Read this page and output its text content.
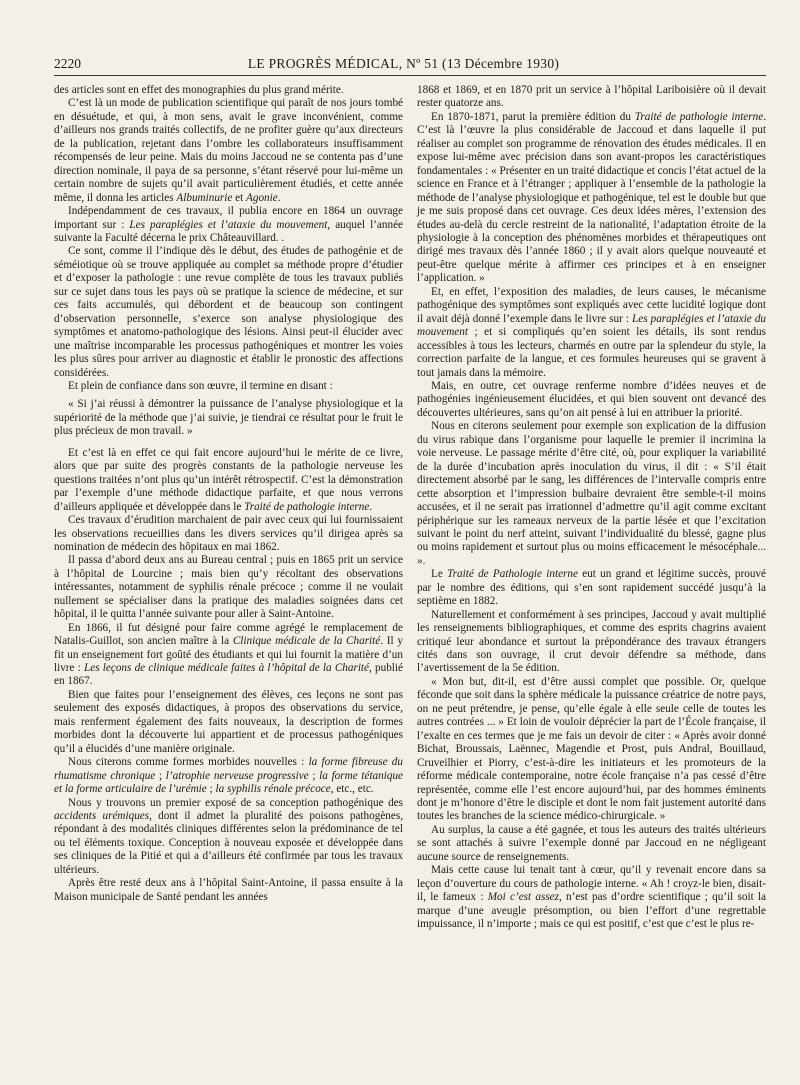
2220	LE PROGRÈS MÉDICAL, Nº 51 (13 Décembre 1930)

des articles sont en effet des monographies du plus grand mérite.

C’est là un mode de publication scientifique qui paraît de nos jours tombé en désuétude, et qui, à mon sens, avait le grave inconvénient, comme d’ailleurs nos grands traités collectifs, de ne profiter guère qu’aux directeurs de la publication, rejetant dans l’ombre les collaborateurs insuffisamment récompensés de leur peine. Mais du moins Jaccoud ne se contenta pas d’une direction nominale, il paya de sa personne, s’étant réservé pour lui-même un certain nombre de sujets qu’il avait particulièrement étudiés, et cette année même, il donna les articles Albuminurie et Agonie.

Indépendamment de ces travaux, il publia encore en 1864 un ouvrage important sur : Les paraplégies et l’ataxie du mouvement, auquel l’année suivante la Faculté décerna le prix Châteauvillard. .

Ce sont, comme il l’indique dès le début, des études de pathogénie et de séméiotique où se trouve appliquée au complet sa méthode propre d’étudier et d’exposer la pathologie : une revue complète de tous les travaux publiés sur ce sujet dans tous les pays où se pratique la science de médecine, et sur ces faits accumulés, qui débordent et de beaucoup son contingent d’observation personnelle, s’exerce son analyse physiologique des symptômes et anatomo-pathologique des lésions. Ainsi peut-il élucider avec une maîtrise incomparable les processus pathogéniques et montrer les voies les plus sûres pour arriver au diagnostic et établir le pronostic des affections considérées.

Et plein de confiance dans son œuvre, il termine en disant :

« Si j’ai réussi à démontrer la puissance de l’analyse physiologique et la supériorité de la méthode que j’ai suivie, je tiendrai ce résultat pour le fruit le plus précieux de mon travail. »

Et c’est là en effet ce qui fait encore aujourd’hui le mérite de ce livre, alors que par suite des progrès constants de la pathologie nerveuse les questions traitées n’ont plus qu’un intérêt rétrospectif. C’est la démonstration par l’exemple d’une méthode didactique parfaite, et que nous verrons d’ailleurs appliquée et développée dans le Traité de pathologie interne.

Ces travaux d’érudition marchaient de pair avec ceux qui lui fournissaient les observations recueillies dans les divers services qu’il dirigea après sa nomination de médecin des hôpitaux en mai 1862.

Il passa d’abord deux ans au Bureau central ; puis en 1865 prit un service à l’hôpital de Lourcine ; mais bien qu’y récoltant des observations intéressantes, notamment de syphilis rénale précoce ; comme il ne voulait nullement se spécialiser dans la pratique des maladies soignées dans cet hôpital, il le quitta l’année suivante pour aller à Saint-Antoine.

En 1866, il fut désigné pour faire comme agrégé le remplacement de Natalis-Guillot, son ancien maître à la Clinique médicale de la Charité. Il y fit un enseignement fort goûté des étudiants et qui lui fournit la matière d’un livre : Les leçons de clinique médicale faites à l’hôpital de la Charité, publié en 1867.

Bien que faites pour l’enseignement des élèves, ces leçons ne sont pas seulement des exposés didactiques, à propos des observations du service, mais renferment également des faits nouveaux, la description de formes morbides dont la découverte lui appartient et de processus pathogéniques qu’il a élucidés d’une manière originale.

Nous citerons comme formes morbides nouvelles : la forme fibreuse du rhumatisme chronique ; l’atrophie nerveuse progressive ; la forme tétanique et la forme articulaire de l’urémie ; la syphilis rénale précoce, etc., etc.

Nous y trouvons un premier exposé de sa conception pathogénique des accidents urémiques, dont il admet la pluralité des poisons pathogènes, répondant à des modalités cliniques différentes selon la prédominance de tel ou tel éléments toxique. Conception à nouveau exposée et développée dans ses cliniques de la Pitié et qui a d’ailleurs été confirmée par tous les travaux ultérieurs.

Après être resté deux ans à l’hôpital Saint-Antoine, il passa ensuite à la Maison municipale de Santé pendant les années

1868 et 1869, et en 1870 prit un service à l’hôpital Lariboisière où il devait rester quatorze ans.

En 1870-1871, parut la première édition du Traité de pathologie interne. C’est là l’œuvre la plus considérable de Jaccoud et dans laquelle il put réaliser au complet son programme de rénovation des études médicales. Il en expose lui-même avec précision dans son avant-propos les caractéristiques fondamentales : « Présenter en un traité didactique et concis l’état actuel de la science en France et à l’étranger ; appliquer à l’ensemble de la pathologie la méthode de l’analyse physiologique et pathogénique, tel est le double but que je me suis proposé dans cet ouvrage. Ces deux idées mères, l’extension des études au-delà du cercle restreint de la nationalité, l’adaptation étroite de la physiologie à la conception des phénomènes morbides et thérapeutiques ont dirigé mes travaux dès l’année 1860 ; il y avait alors quelque nouveauté et peut-être quelque mérite à affirmer ces principes et à en enseigner l’application. »

Et, en effet, l’exposition des maladies, de leurs causes, le mécanisme pathogénique des symptômes sont expliqués avec cette lucidité logique dont il avait déjà donné l’exemple dans le livre sur : Les paraplégies et l’ataxie du mouvement ; et si compliqués qu’en soient les détails, ils sont rendus accessibles à tous les lecteurs, charmés en outre par la splendeur du style, la correction parfaite de la langue, et ces formules heureuses qui se gravent à tout jamais dans la mémoire.

Mais, en outre, cet ouvrage renferme nombre d’idées neuves et de pathogénies ingénieusement élucidées, et qui bien souvent ont devancé des découvertes ultérieures, sans qu’on ait pensé à lui en attribuer la priorité.

Nous en citerons seulement pour exemple son explication de la diffusion du virus rabique dans l’organisme pour laquelle le premier il incrimina la voie nerveuse. Le passage mérite d’être cité, où, pour expliquer la variabilité de la durée d’incubation après inoculation du virus, il dit : « S’il était directement absorbé par le sang, les différences de l’intervalle compris entre cette absorption et l’impression bulbaire devraient être semble-t-il moins accusées, et il ne serait pas irrationnel d’admettre qu’il agit comme excitant périphérique sur les rameaux nerveux de la partie lésée et que l’excitation suivant le point du nerf atteint, suivant l’individualité du blessé, gagne plus ou moins rapidement et surtout plus ou moins efficacement le mésocéphale... ».

Le Traité de Pathologie interne eut un grand et légitime succès, prouvé par le nombre des éditions, qui s’en sont rapidement succédé jusqu’à la septième en 1882.

Naturellement et conformément à ses principes, Jaccoud y avait multiplié les renseignements bibliographiques, et comme des esprits chagrins avaient critiqué leur abondance et surtout la prépondérance des travaux étrangers cités dans son ouvrage, il crut devoir défendre sa méthode, dans l’avertissement de la 5e édition.

« Mon but, dit-il, est d’être aussi complet que possible. Or, quelque féconde que soit dans la sphère médicale la puissance créatrice de notre pays, on ne peut prétendre, je pense, qu’elle égale à elle seule celle de toutes les autres contrées ... » Et loin de vouloir déprécier la part de l’École française, il l’exalte en ces termes que je me fais un devoir de citer : « Après avoir donné Bichat, Broussais, Laënnec, Magendie et Prost, puis Andral, Bouillaud, Cruveilhier et Piorry, c’est-à-dire les initiateurs et les promoteurs de la réforme médicale contemporaine, notre école française n’a pas cessé d’être représentée, comme elle l’est encore aujourd’hui, par des hommes éminents dont je m’honore d’être le disciple et dont le nom fait justement autorité dans toutes les branches de la science médico-chirurgicale. »

Au surplus, la cause a été gagnée, et tous les auteurs des traités ultérieurs se sont attachés à suivre l’exemple donné par Jaccoud en ne négligeant aucune source de renseignements.

Mais cette cause lui tenait tant à cœur, qu’il y revenait encore dans sa leçon d’ouverture du cours de pathologie interne. « Ah ! croyz-le bien, disait-il, le fameux : Moi c’est assez, n’est pas d’ordre scientifique ; qu’il soit la marque d’une aveugle présomption, ou bien l’effort d’une regrettable impuissance, il n’importe ; mais ce qui est positif, c’est que c’est le plus re-
